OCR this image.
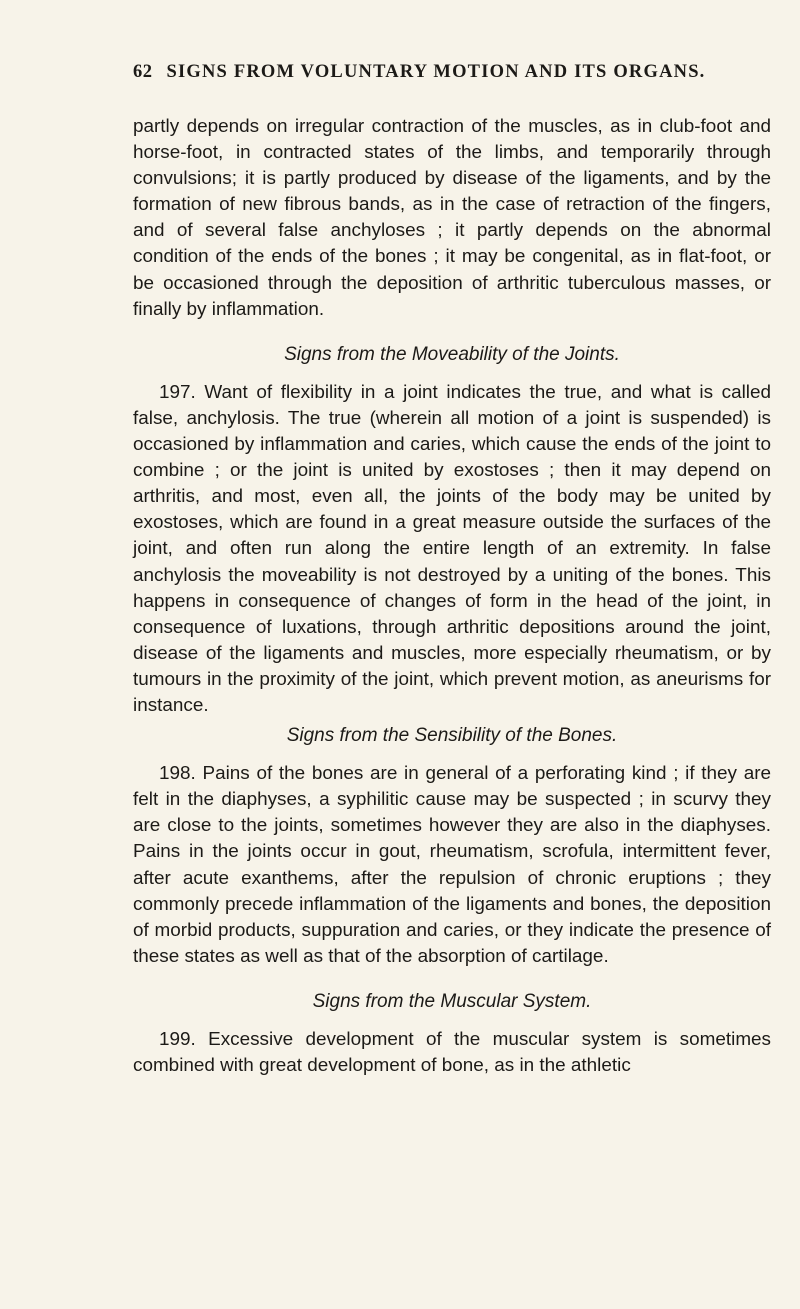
62 SIGNS FROM VOLUNTARY MOTION AND ITS ORGANS.

partly depends on irregular contraction of the muscles, as in club-foot and horse-foot, in contracted states of the limbs, and temporarily through convulsions; it is partly produced by disease of the ligaments, and by the formation of new fibrous bands, as in the case of retraction of the fingers, and of several false anchyloses ; it partly depends on the abnormal condition of the ends of the bones ; it may be congenital, as in flat-foot, or be occasioned through the deposition of arthritic tuberculous masses, or finally by inflammation.

Signs from the Moveability of the Joints.

197. Want of flexibility in a joint indicates the true, and what is called false, anchylosis. The true (wherein all motion of a joint is suspended) is occasioned by inflammation and caries, which cause the ends of the joint to combine ; or the joint is united by exostoses ; then it may depend on arthritis, and most, even all, the joints of the body may be united by exostoses, which are found in a great measure outside the surfaces of the joint, and often run along the entire length of an extremity. In false anchylosis the moveability is not destroyed by a uniting of the bones. This happens in consequence of changes of form in the head of the joint, in consequence of luxations, through arthritic depositions around the joint, disease of the ligaments and muscles, more especially rheumatism, or by tumours in the proximity of the joint, which prevent motion, as aneurisms for instance.

Signs from the Sensibility of the Bones.

198. Pains of the bones are in general of a perforating kind ; if they are felt in the diaphyses, a syphilitic cause may be suspected ; in scurvy they are close to the joints, sometimes however they are also in the diaphyses. Pains in the joints occur in gout, rheumatism, scrofula, intermittent fever, after acute exanthems, after the repulsion of chronic eruptions ; they commonly precede inflammation of the ligaments and bones, the deposition of morbid products, suppuration and caries, or they indicate the presence of these states as well as that of the absorption of cartilage.

Signs from the Muscular System.

199. Excessive development of the muscular system is sometimes combined with great development of bone, as in the athletic
